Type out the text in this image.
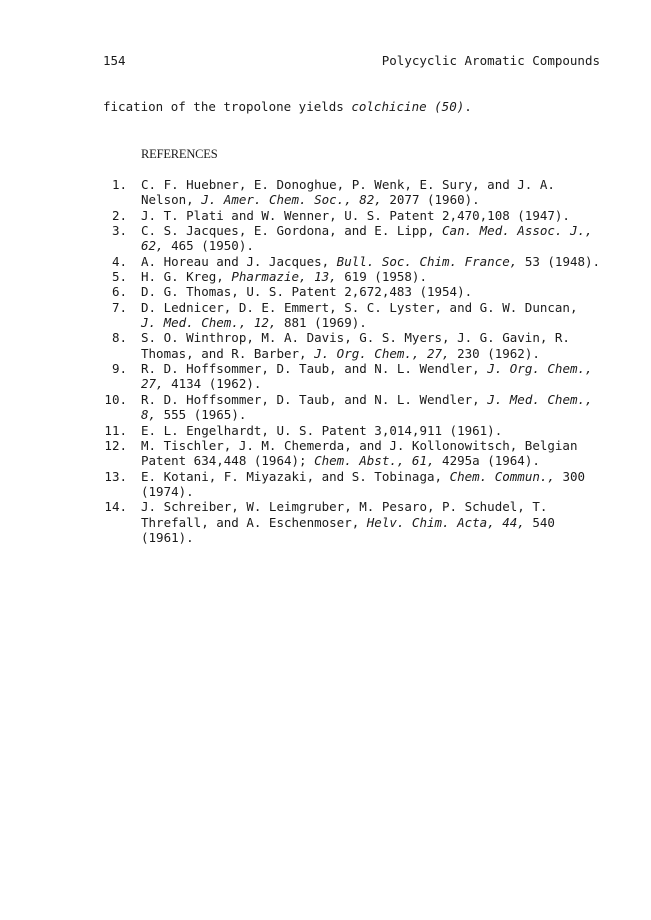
154	Polycyclic Aromatic Compounds
fication of the tropolone yields colchicine (50).
REFERENCES
1. C. F. Huebner, E. Donoghue, P. Wenk, E. Sury, and J. A.
Nelson, J. Amer. Chem. Soc., 82, 2077 (1960).
2. J. T. Plati and W. Wenner, U. S. Patent 2,470,108 (1947).
3. C. S. Jacques, E. Gordona, and E. Lipp, Can. Med. Assoc. J.,
62, 465 (1950).
4. A. Horeau and J. Jacques, Bull. Soc. Chim. France, 53 (1948).
5. H. G. Kreg, Pharmazie, 13, 619 (1958).
6. D. G. Thomas, U. S. Patent 2,672,483 (1954).
7. D. Lednicer, D. E. Emmert, S. C. Lyster, and G. W. Duncan,
J. Med. Chem., 12, 881 (1969).
8. S. O. Winthrop, M. A. Davis, G. S. Myers, J. G. Gavin, R.
Thomas, and R. Barber, J. Org. Chem., 27, 230 (1962).
9. R. D. Hoffsommer, D. Taub, and N. L. Wendler, J. Org. Chem.,
27, 4134 (1962).
10. R. D. Hoffsommer, D. Taub, and N. L. Wendler, J. Med. Chem.,
8, 555 (1965).
11. E. L. Engelhardt, U. S. Patent 3,014,911 (1961).
12. M. Tischler, J. M. Chemerda, and J. Kollonowitsch, Belgian
Patent 634,448 (1964); Chem. Abst., 61, 4295a (1964).
13. E. Kotani, F. Miyazaki, and S. Tobinaga, Chem. Commun., 300
(1974).
14. J. Schreiber, W. Leimgruber, M. Pesaro, P. Schudel, T.
Threfall, and A. Eschenmoser, Helv. Chim. Acta, 44, 540
(1961).
